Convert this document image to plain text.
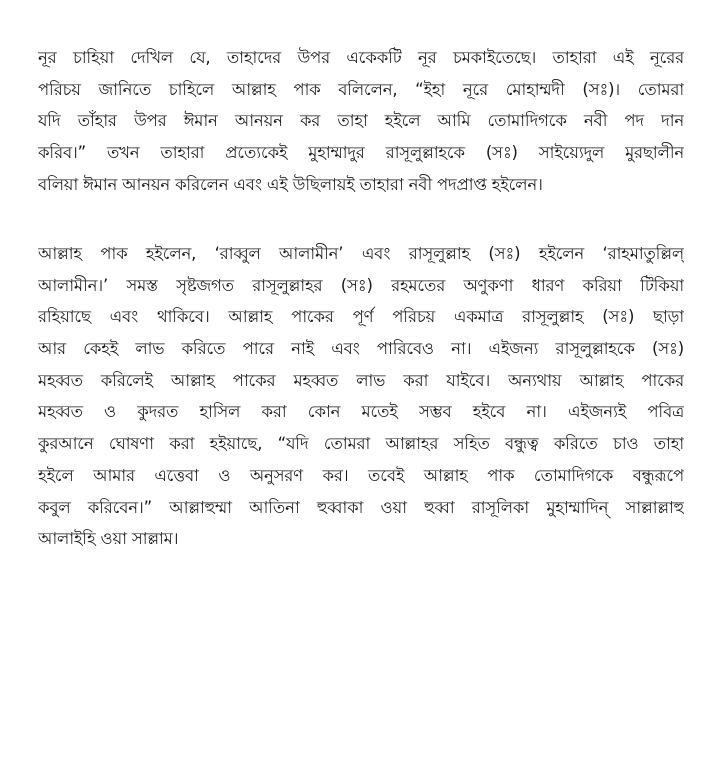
নূর চাহিয়া দেখিল যে, তাহাদের উপর একেকটি নূর চমকাইতেছে। তাহারা এই নূরের
পরিচয় জানিতে চাহিলে আল্লাহ পাক বলিলেন, “ইহা নূরে মোহাম্মদী (সঃ)। তোমরা
যদি তাঁহার উপর ঈমান আনয়ন কর তাহা হইলে আমি তোমাদিগকে নবী পদ দান
করিব।” তখন তাহারা প্রত্যেকেই মুহাম্মাদুর রাসূলুল্লাহকে (সঃ) সাইয়্যেদুল মুরছালীন
বলিয়া ঈমান আনয়ন করিলেন এবং এই উছিলায়ই তাহারা নবী পদপ্রাপ্ত হইলেন।
আল্লাহ পাক হইলেন, ‘রাব্বুল আলামীন’ এবং রাসূলুল্লাহ (সঃ) হইলেন ‘রাহমাতুল্লিল্
আলামীন।’ সমস্ত সৃষ্টজগত রাসূলুল্লাহর (সঃ) রহমতের অণুকণা ধারণ করিয়া টিকিয়া
রহিয়াছে এবং থাকিবে। আল্লাহ পাকের পূর্ণ পরিচয় একমাত্র রাসূলুল্লাহ (সঃ) ছাড়া
আর কেহই লাভ করিতে পারে নাই এবং পারিবেও না। এইজন্য রাসূলুল্লাহকে (সঃ)
মহব্বত করিলেই আল্লাহ পাকের মহব্বত লাভ করা যাইবে। অন্যথায় আল্লাহ পাকের
মহব্বত ও কুদরত হাসিল করা কোন মতেই সম্ভব হইবে না। এইজন্যই পবিত্র
কুরআনে ঘোষণা করা হইয়াছে, “যদি তোমরা আল্লাহর সহিত বন্ধুত্ব করিতে চাও তাহা
হইলে আমার এত্তেবা ও অনুসরণ কর। তবেই আল্লাহ পাক তোমাদিগকে বন্ধুরূপে
কবুল করিবেন।” আল্লাহুম্মা আতিনা হুব্বাকা ওয়া হুব্বা রাসূলিকা মুহাম্মাদিন্ সাল্লাল্লাহু
আলাইহি ওয়া সাল্লাম।
